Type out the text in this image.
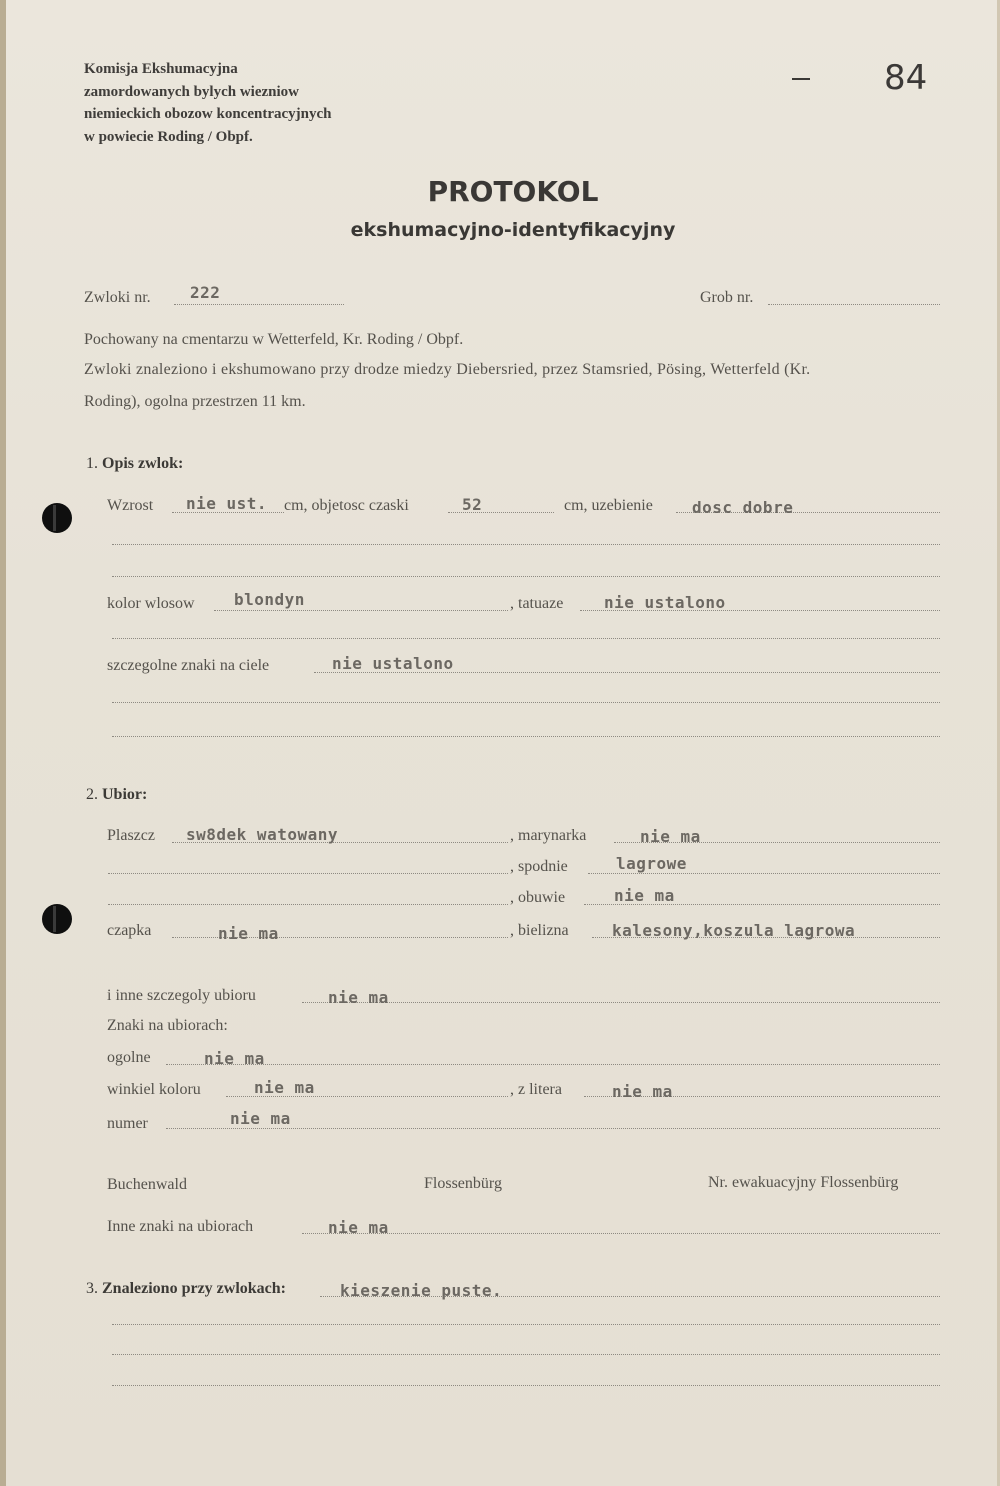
Komisja Ekshumacyjna
zamordowanych bylych wiezniow
niemieckich obozow koncentracyjnych
w powiecie Roding / Obpf.
84
PROTOKOL
ekshumacyjno-identyfikacyjny
Zwloki nr. 222	Grob nr.
Pochowany na cmentarzu w Wetterfeld, Kr. Roding / Obpf.
Zwloki znaleziono i ekshumowano przy drodze miedzy Diebersried, przez Stamsried, Pösing, Wetterfeld (Kr.
Roding), ogolna przestrzen 11 km.
1. Opis zwlok:
Wzrost nie ust. cm, objetosc czaski	52	cm, uzebienie dosc dobre
kolor wlosow blondyn	, tatuaze	nie ustalono
szczegolne znaki na ciele	nie ustalono
2. Ubior:
Plaszcz sw8dek watowany	, marynarka	nie ma
, spodnie	lagrowe
, obuwie	nie ma
czapka	nie ma	, bielizna	kalesony,koszula lagrowa
i inne szczegoly ubioru	nie ma
Znaki na ubiorach:
ogolne	nie ma
winkiel koloru	nie ma	, z litera	nie ma
numer	nie ma
Buchenwald	Flossenbürg	Nr. ewakuacyjny Flossenbürg
Inne znaki na ubiorach	nie ma
3. Znaleziono przy zwlokach:	kieszenie puste.
